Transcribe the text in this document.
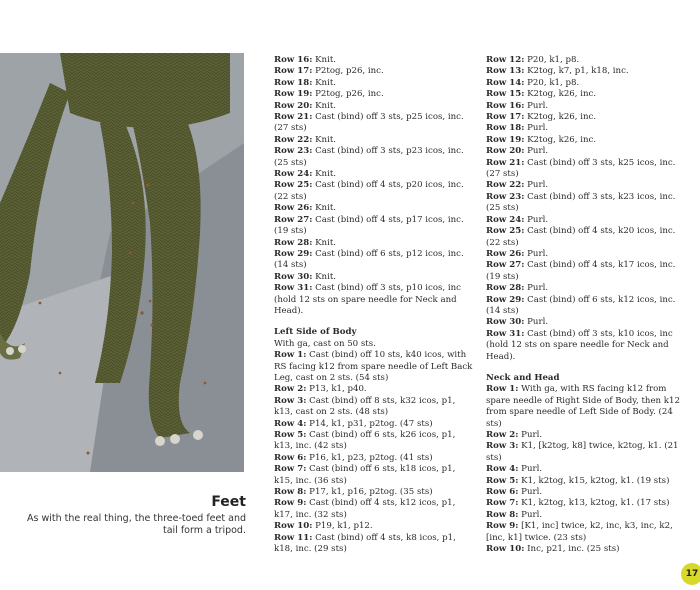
Feet

As with the real thing, the three-toed feet and tail form a tripod.

Row 16: Knit.
Row 17: P2tog, p26, inc.
Row 18: Knit.
Row 19: P2tog, p26, inc.
Row 20: Knit.
Row 21: Cast (bind) off 3 sts, p25 icos, inc. (27 sts)
Row 22: Knit.
Row 23: Cast (bind) off 3 sts, p23 icos, inc. (25 sts)
Row 24: Knit.
Row 25: Cast (bind) off 4 sts, p20 icos, inc. (22 sts)
Row 26: Knit.
Row 27: Cast (bind) off 4 sts, p17 icos, inc. (19 sts)
Row 28: Knit.
Row 29: Cast (bind) off 6 sts, p12 icos, inc. (14 sts)
Row 30: Knit.
Row 31: Cast (bind) off 3 sts, p10 icos, inc (hold 12 sts on spare needle for Neck and Head).
Left Side of Body
With ga, cast on 50 sts.
Row 1: Cast (bind) off 10 sts, k40 icos, with RS facing k12 from spare needle of Left Back Leg, cast on 2 sts. (54 sts)
Row 2: P13, k1, p40.
Row 3: Cast (bind) off 8 sts, k32 icos, p1, k13, cast on 2 sts. (48 sts)
Row 4: P14, k1, p31, p2tog. (47 sts)
Row 5: Cast (bind) off 6 sts, k26 icos, p1, k13, inc. (42 sts)
Row 6: P16, k1, p23, p2tog. (41 sts)
Row 7: Cast (bind) off 6 sts, k18 icos, p1, k15, inc. (36 sts)
Row 8: P17, k1, p16, p2tog. (35 sts)
Row 9: Cast (bind) off 4 sts, k12 icos, p1, k17, inc. (32 sts)
Row 10: P19, k1, p12.
Row 11: Cast (bind) off 4 sts, k8 icos, p1, k18, inc. (29 sts)
Row 12: P20, k1, p8.
Row 13: K2tog, k7, p1, k18, inc.
Row 14: P20, k1, p8.
Row 15: K2tog, k26, inc.
Row 16: Purl.
Row 17: K2tog, k26, inc.
Row 18: Purl.
Row 19: K2tog, k26, inc.
Row 20: Purl.
Row 21: Cast (bind) off 3 sts, k25 icos, inc. (27 sts)
Row 22: Purl.
Row 23: Cast (bind) off 3 sts, k23 icos, inc. (25 sts)
Row 24: Purl.
Row 25: Cast (bind) off 4 sts, k20 icos, inc. (22 sts)
Row 26: Purl.
Row 27: Cast (bind) off 4 sts, k17 icos, inc. (19 sts)
Row 28: Purl.
Row 29: Cast (bind) off 6 sts, k12 icos, inc. (14 sts)
Row 30: Purl.
Row 31: Cast (bind) off 3 sts, k10 icos, inc (hold 12 sts on spare needle for Neck and Head).
Neck and Head
Row 1: With ga, with RS facing k12 from spare needle of Right Side of Body, then k12 from spare needle of Left Side of Body. (24 sts)
Row 2: Purl.
Row 3: K1, [k2tog, k8] twice, k2tog, k1. (21 sts)
Row 4: Purl.
Row 5: K1, k2tog, k15, k2tog, k1. (19 sts)
Row 6: Purl.
Row 7: K1, k2tog, k13, k2tog, k1. (17 sts)
Row 8: Purl.
Row 9: [K1, inc] twice, k2, inc, k3, inc, k2, [inc, k1] twice. (23 sts)
Row 10: Inc, p21, inc. (25 sts)
17
